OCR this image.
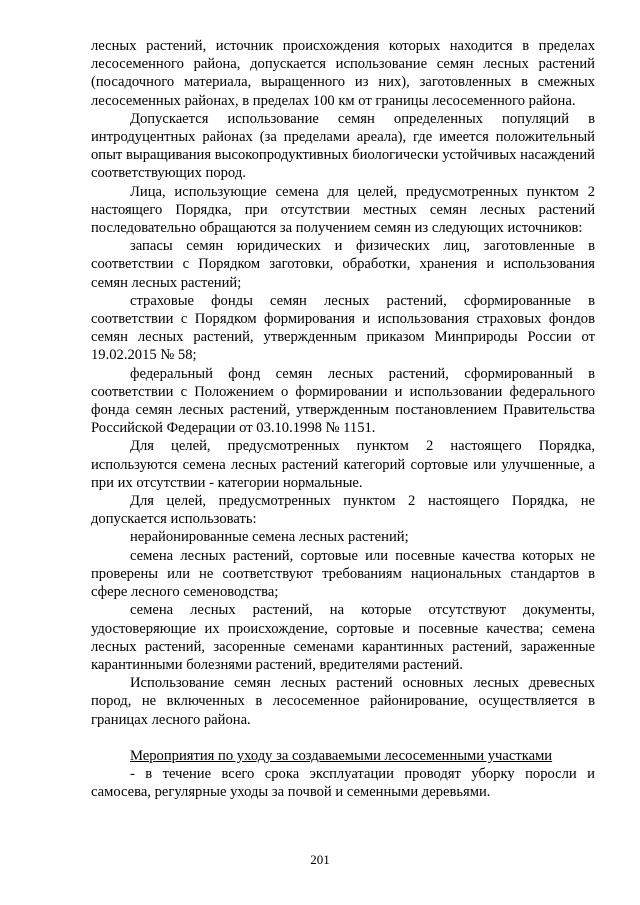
лесных растений, источник происхождения которых находится в пределах лесосеменного района, допускается использование семян лесных растений (посадочного материала, выращенного из них), заготовленных в смежных лесосеменных районах, в пределах 100 км от границы лесосеменного района.

Допускается использование семян определенных популяций в интродуцентных районах (за пределами ареала), где имеется положительный опыт выращивания высокопродуктивных биологически устойчивых насаждений соответствующих пород.

Лица, использующие семена для целей, предусмотренных пунктом 2 настоящего Порядка, при отсутствии местных семян лесных растений последовательно обращаются за получением семян из следующих источников:

запасы семян юридических и физических лиц, заготовленные в соответствии с Порядком заготовки, обработки, хранения и использования семян лесных растений;

страховые фонды семян лесных растений, сформированные в соответствии с Порядком формирования и использования страховых фондов семян лесных растений, утвержденным приказом Минприроды России от 19.02.2015 № 58;

федеральный фонд семян лесных растений, сформированный в соответствии с Положением о формировании и использовании федерального фонда семян лесных растений, утвержденным постановлением Правительства Российской Федерации от 03.10.1998 № 1151.

Для целей, предусмотренных пунктом 2 настоящего Порядка, используются семена лесных растений категорий сортовые или улучшенные, а при их отсутствии - категории нормальные.

Для целей, предусмотренных пунктом 2 настоящего Порядка, не допускается использовать:

нерайонированные семена лесных растений;

семена лесных растений, сортовые или посевные качества которых не проверены или не соответствуют требованиям национальных стандартов в сфере лесного семеноводства;

семена лесных растений, на которые отсутствуют документы, удостоверяющие их происхождение, сортовые и посевные качества; семена лесных растений, засоренные семенами карантинных растений, зараженные карантинными болезнями растений, вредителями растений.

Использование семян лесных растений основных лесных древесных пород, не включенных в лесосеменное районирование, осуществляется в границах лесного района.

Мероприятия по уходу за создаваемыми лесосеменными участками

- в течение всего срока эксплуатации проводят уборку поросли и самосева, регулярные уходы за почвой и семенными деревьями.

201
